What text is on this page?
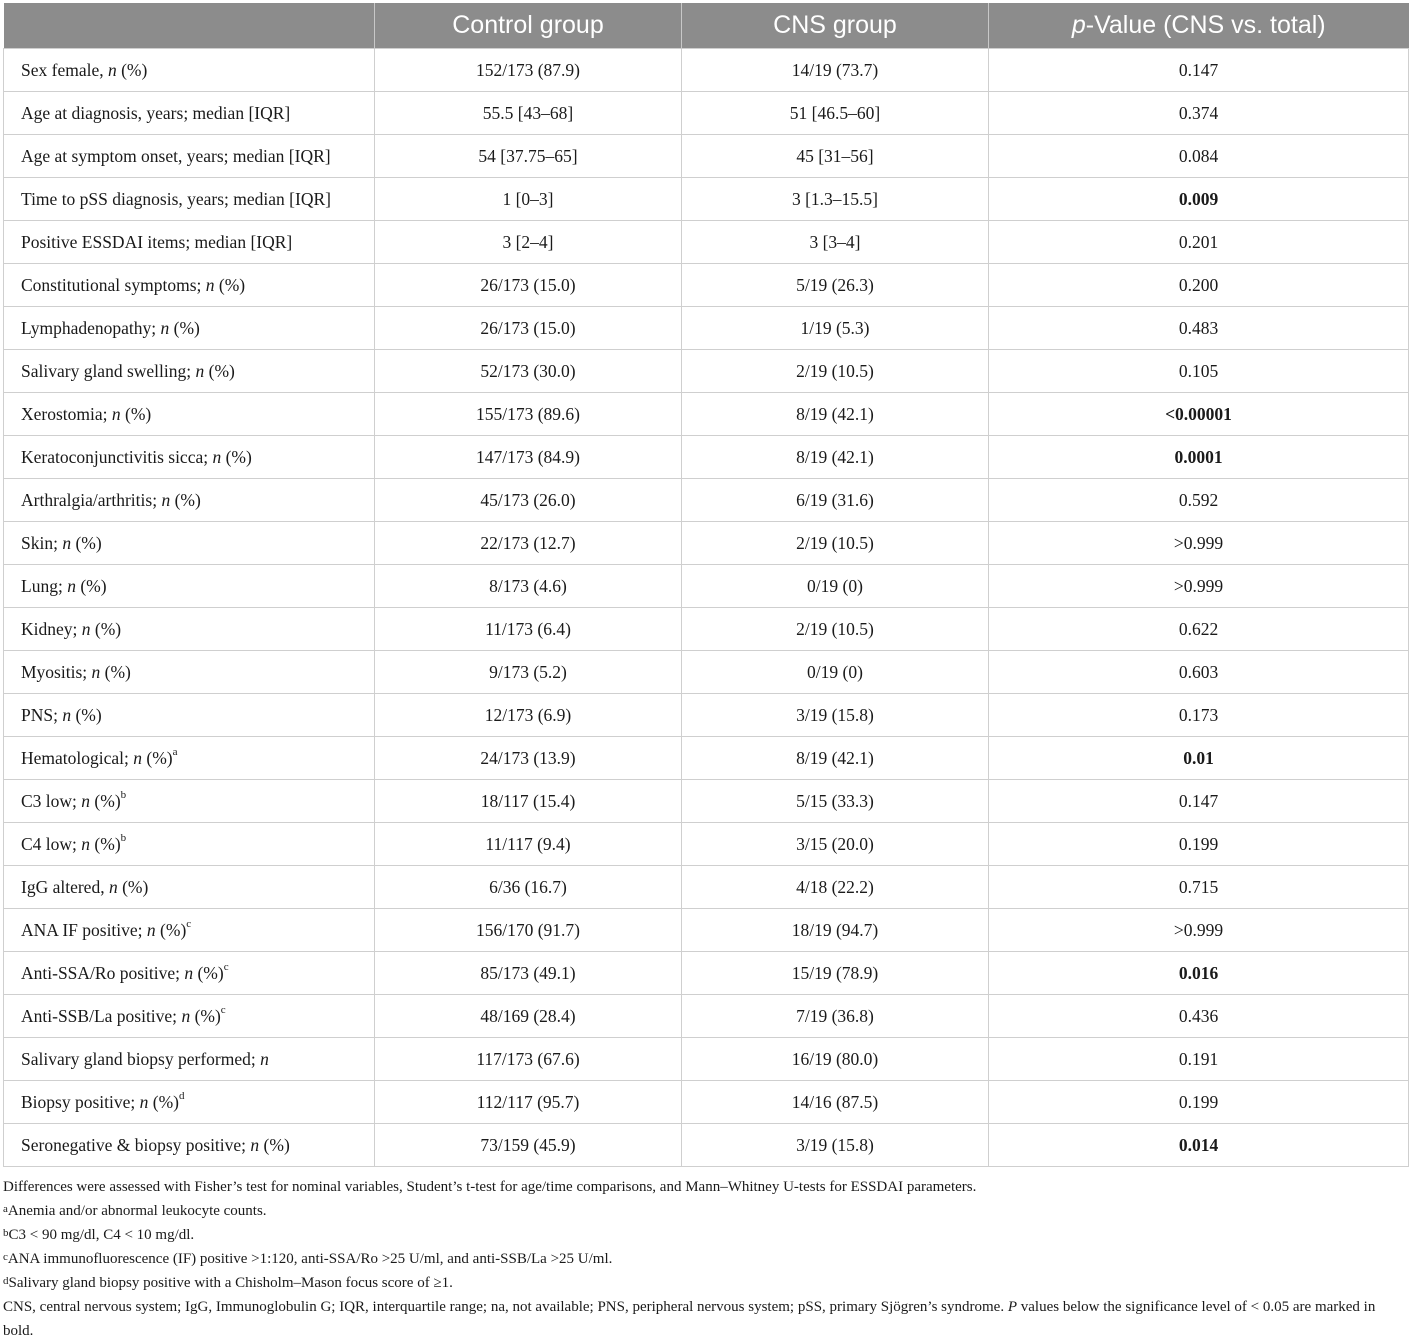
	Control group	CNS group	p-Value (CNS vs. total)
Sex female, n (%)	152/173 (87.9)	14/19 (73.7)	0.147
Age at diagnosis, years; median [IQR]	55.5 [43–68]	51 [46.5–60]	0.374
Age at symptom onset, years; median [IQR]	54 [37.75–65]	45 [31–56]	0.084
Time to pSS diagnosis, years; median [IQR]	1 [0–3]	3 [1.3–15.5]	0.009
Positive ESSDAI items; median [IQR]	3 [2–4]	3 [3–4]	0.201
Constitutional symptoms; n (%)	26/173 (15.0)	5/19 (26.3)	0.200
Lymphadenopathy; n (%)	26/173 (15.0)	1/19 (5.3)	0.483
Salivary gland swelling; n (%)	52/173 (30.0)	2/19 (10.5)	0.105
Xerostomia; n (%)	155/173 (89.6)	8/19 (42.1)	<0.00001
Keratoconjunctivitis sicca; n (%)	147/173 (84.9)	8/19 (42.1)	0.0001
Arthralgia/arthritis; n (%)	45/173 (26.0)	6/19 (31.6)	0.592
Skin; n (%)	22/173 (12.7)	2/19 (10.5)	>0.999
Lung; n (%)	8/173 (4.6)	0/19 (0)	>0.999
Kidney; n (%)	11/173 (6.4)	2/19 (10.5)	0.622
Myositis; n (%)	9/173 (5.2)	0/19 (0)	0.603
PNS; n (%)	12/173 (6.9)	3/19 (15.8)	0.173
Hematological; n (%)$^a$	24/173 (13.9)	8/19 (42.1)	0.01
C3 low; n (%)$^b$	18/117 (15.4)	5/15 (33.3)	0.147
C4 low; n (%)$^b$	11/117 (9.4)	3/15 (20.0)	0.199
IgG altered, n (%)	6/36 (16.7)	4/18 (22.2)	0.715
ANA IF positive; n (%)$^c$	156/170 (91.7)	18/19 (94.7)	>0.999
Anti-SSA/Ro positive; n (%)$^c$	85/173 (49.1)	15/19 (78.9)	0.016
Anti-SSB/La positive; n (%)$^c$	48/169 (28.4)	7/19 (36.8)	0.436
Salivary gland biopsy performed; n	117/173 (67.6)	16/19 (80.0)	0.191
Biopsy positive; n (%)$^d$	112/117 (95.7)	14/16 (87.5)	0.199
Seronegative & biopsy positive; n (%)	73/159 (45.9)	3/19 (15.8)	0.014
Differences were assessed with Fisher’s test for nominal variables, Student’s t-test for age/time comparisons, and Mann–Whitney U-tests for ESSDAI parameters.
$^a$Anemia and/or abnormal leukocyte counts.
$^b$C3 < 90 mg/dl, C4 < 10 mg/dl.
$^c$ANA immunofluorescence (IF) positive >1:120, anti-SSA/Ro >25 U/ml, and anti-SSB/La >25 U/ml.
$^d$Salivary gland biopsy positive with a Chisholm–Mason focus score of ≥1.
CNS, central nervous system; IgG, Immunoglobulin G; IQR, interquartile range; na, not available; PNS, peripheral nervous system; pSS, primary Sjögren’s syndrome. P values below the significance level of < 0.05 are marked in bold.
